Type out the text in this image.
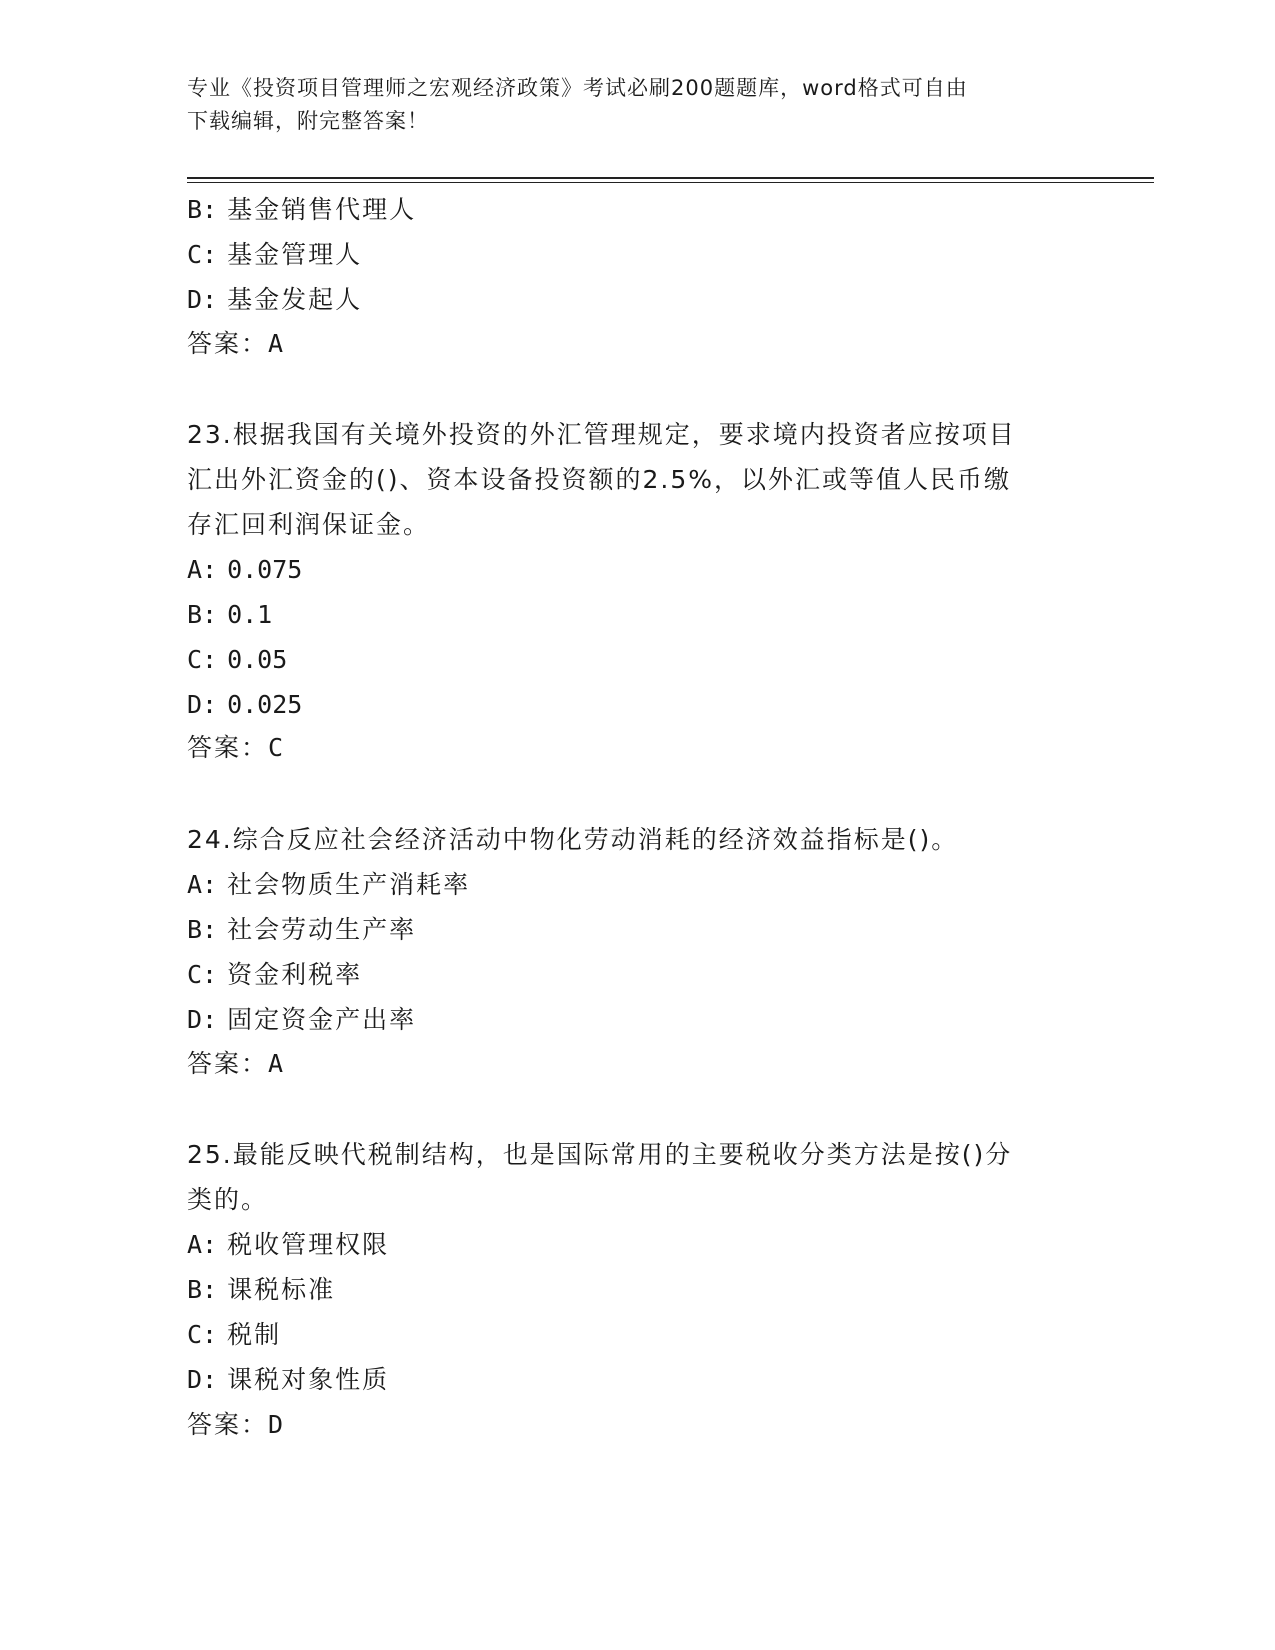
专业《投资项目管理师之宏观经济政策》考试必刷200题题库，word格式可自由
下载编辑，附完整答案！
B: 基金销售代理人
C: 基金管理人
D: 基金发起人
答案：A
23.根据我国有关境外投资的外汇管理规定，要求境内投资者应按项目
汇出外汇资金的()、资本设备投资额的2.5%，以外汇或等值人民币缴
存汇回利润保证金。
A: 0.075
B: 0.1
C: 0.05
D: 0.025
答案：C
24.综合反应社会经济活动中物化劳动消耗的经济效益指标是()。
A: 社会物质生产消耗率
B: 社会劳动生产率
C: 资金利税率
D: 固定资金产出率
答案：A
25.最能反映代税制结构，也是国际常用的主要税收分类方法是按()分
类的。
A: 税收管理权限
B: 课税标准
C: 税制
D: 课税对象性质
答案：D
